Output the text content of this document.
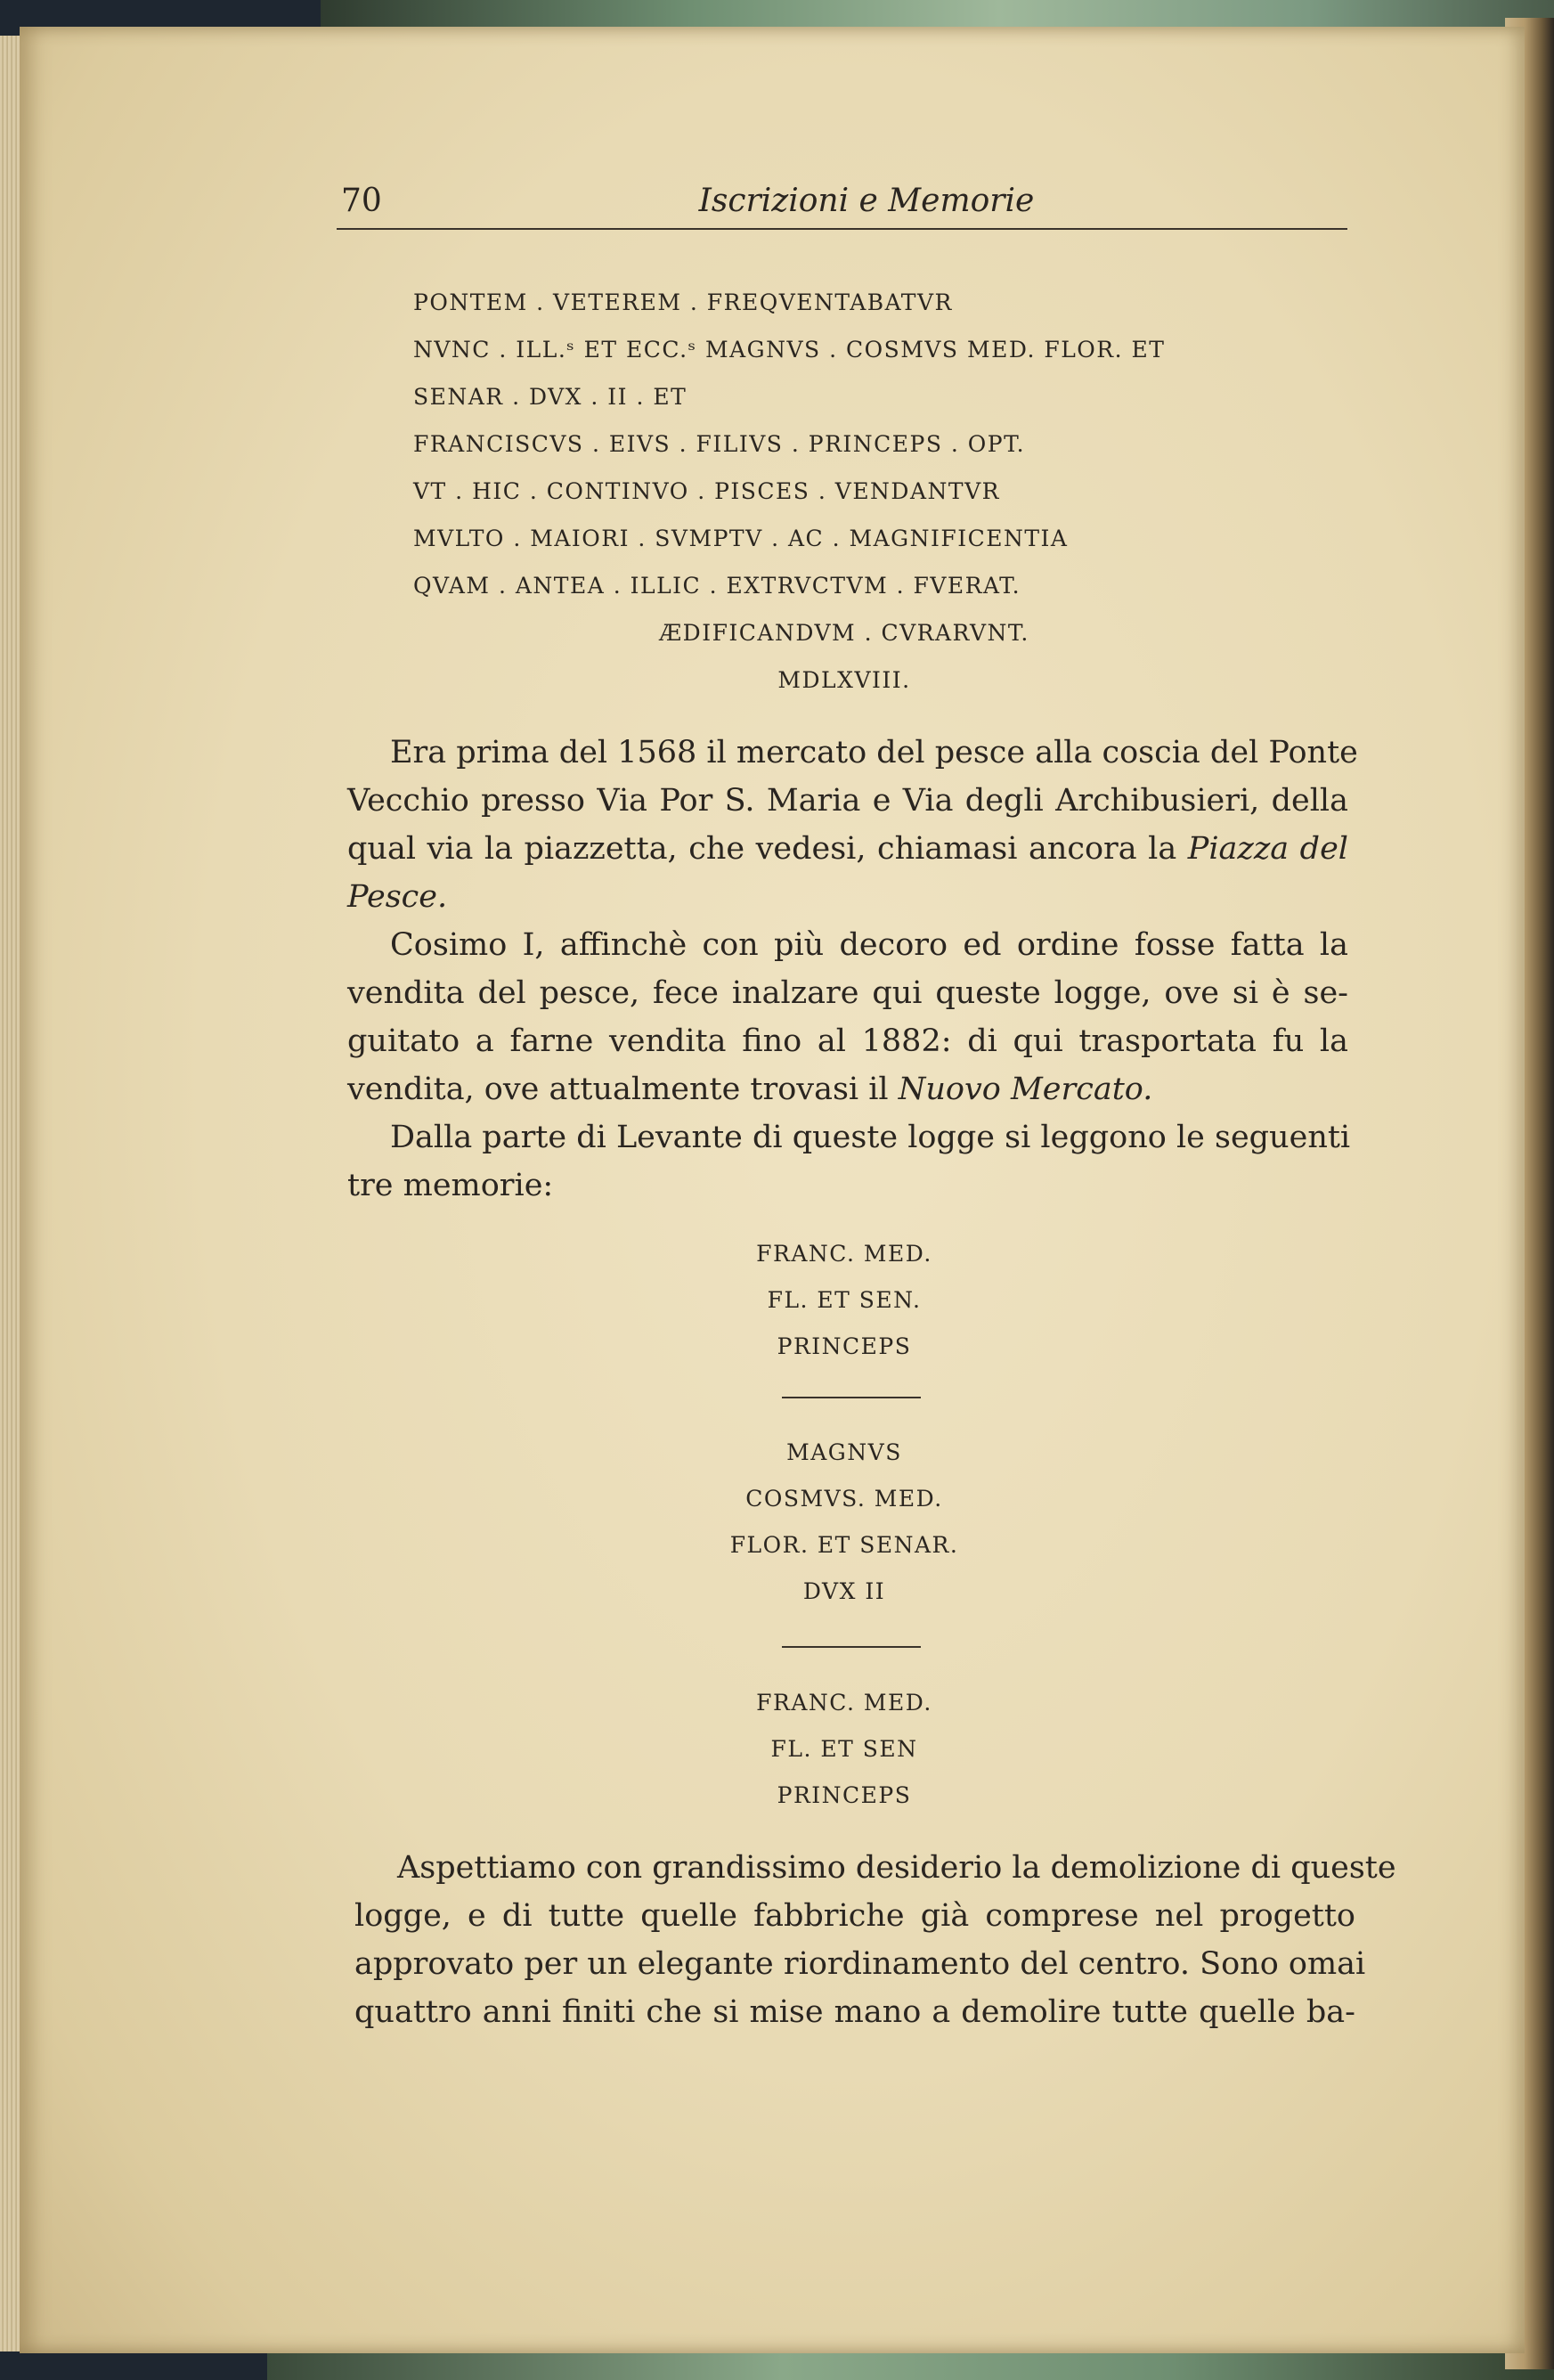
70	Iscrizioni e Memorie
PONTEM . VETEREM . FREQVENTABATVR
NVNC . ILL.ˢ ET ECC.ˢ MAGNVS . COSMVS MED. FLOR. ET
SENAR . DVX . II . ET
FRANCISCVS . EIVS . FILIVS . PRINCEPS . OPT.
VT . HIC . CONTINVO . PISCES . VENDANTVR
MVLTO . MAIORI . SVMPTV . AC . MAGNIFICENTIA
QVAM . ANTEA . ILLIC . EXTRVCTVM . FVERAT.
ÆDIFICANDVM . CVRARVNT.
MDLXVIII.
Era prima del 1568 il mercato del pesce alla coscia del Ponte
Vecchio presso Via Por S. Maria e Via degli Archibusieri, della
qual via la piazzetta, che vedesi, chiamasi ancora la Piazza del
Pesce.
Cosimo I, affinchè con più decoro ed ordine fosse fatta la
vendita del pesce, fece inalzare qui queste logge, ove si è se-
guitato a farne vendita fino al 1882: di qui trasportata fu la
vendita, ove attualmente trovasi il Nuovo Mercato.
Dalla parte di Levante di queste logge si leggono le seguenti
tre memorie:
FRANC. MED.
FL. ET SEN.
PRINCEPS
MAGNVS
COSMVS. MED.
FLOR. ET SENAR.
DVX II
FRANC. MED.
FL. ET SEN
PRINCEPS
Aspettiamo con grandissimo desiderio la demolizione di queste
logge, e di tutte quelle fabbriche già comprese nel progetto
approvato per un elegante riordinamento del centro. Sono omai
quattro anni finiti che si mise mano a demolire tutte quelle ba-
